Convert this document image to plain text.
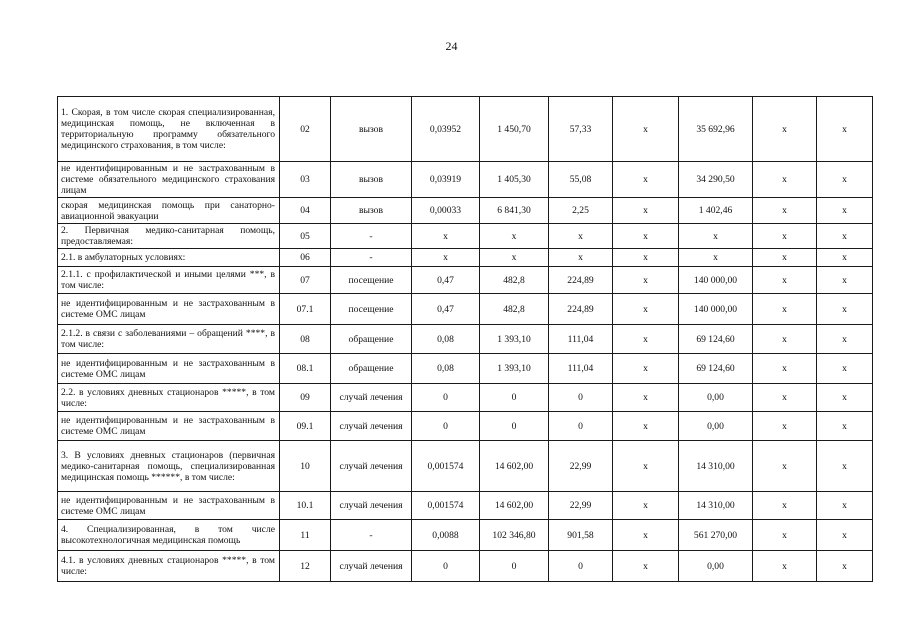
24
1. Скорая, в том числе скорая специализированная, медицинская помощь, не включенная в территориальную программу обязательного медицинского страхования, в том числе:	02	вызов	0,03952	1 450,70	57,33	х	35 692,96	х	х
не идентифицированным и не застрахованным в системе обязательного медицинского страхования лицам	03	вызов	0,03919	1 405,30	55,08	х	34 290,50	х	х
скорая медицинская помощь при санаторно-авиационной эвакуации	04	вызов	0,00033	6 841,30	2,25	х	1 402,46	х	х
2. Первичная медико-санитарная помощь, предоставляемая:	05	-	х	х	х	х	х	х	х
2.1. в амбулаторных условиях:	06	-	х	х	х	х	х	х	х
2.1.1. с профилактической и иными целями ***, в том числе:	07	посещение	0,47	482,8	224,89	х	140 000,00	х	х
не идентифицированным и не застрахованным в системе ОМС лицам	07.1	посещение	0,47	482,8	224,89	х	140 000,00	х	х
2.1.2. в связи с заболеваниями – обращений ****, в том числе:	08	обращение	0,08	1 393,10	111,04	х	69 124,60	х	х
не идентифицированным и не застрахованным в системе ОМС лицам	08.1	обращение	0,08	1 393,10	111,04	х	69 124,60	х	х
2.2. в условиях дневных стационаров *****, в том числе:	09	случай лечения	0	0	0	х	0,00	х	х
не идентифицированным и не застрахованным в системе ОМС лицам	09.1	случай лечения	0	0	0	х	0,00	х	х
3. В условиях дневных стационаров (первичная медико-санитарная помощь, специализированная медицинская помощь ******, в том числе:	10	случай лечения	0,001574	14 602,00	22,99	х	14 310,00	х	х
не идентифицированным и не застрахованным в системе ОМС лицам	10.1	случай лечения	0,001574	14 602,00	22,99	х	14 310,00	х	х
4. Специализированная, в том числе высокотехнологичная медицинская помощь	11	-	0,0088	102 346,80	901,58	х	561 270,00	х	х
4.1. в условиях дневных стационаров *****, в том числе:	12	случай лечения	0	0	0	х	0,00	х	х
